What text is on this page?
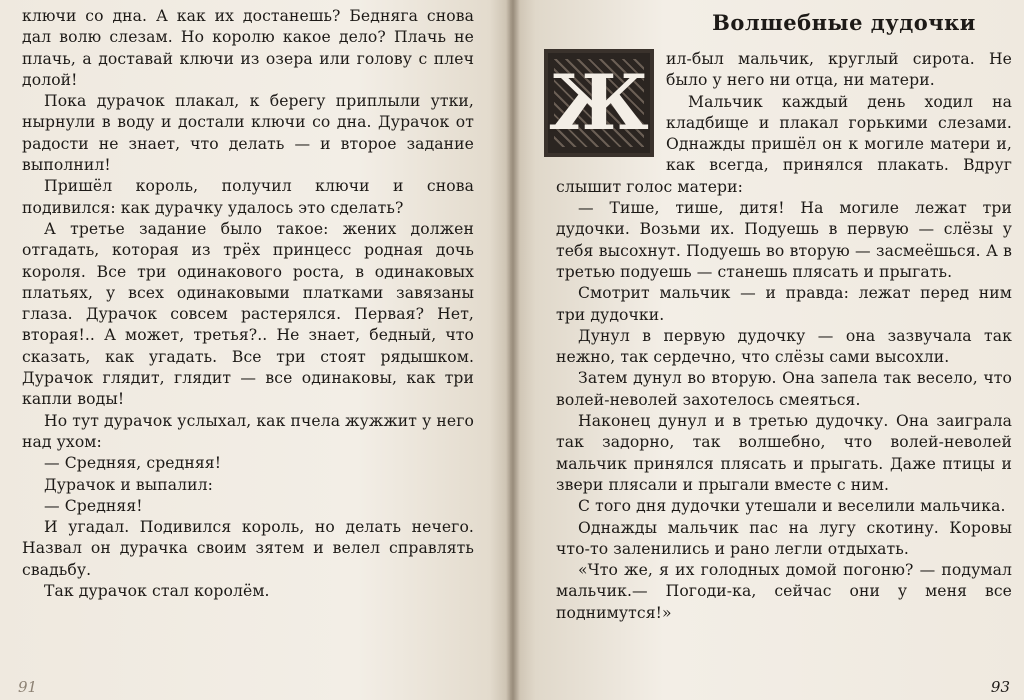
ключи со дна. А как их достанешь? Бедняга снова дал волю слезам. Но королю какое дело? Плачь не плачь, а доставай ключи из озера или голову с плеч долой!

Пока дурачок плакал, к берегу приплыли утки, нырнули в воду и достали ключи со дна. Дурачок от радости не знает, что делать — и второе задание выполнил!

Пришёл король, получил ключи и снова подивился: как дурачку удалось это сделать?

А третье задание было такое: жених должен отгадать, которая из трёх принцесс родная дочь короля. Все три одинакового роста, в одинаковых платьях, у всех одинаковыми платками завязаны глаза. Дурачок совсем растерялся. Первая? Нет, вторая!.. А может, третья?.. Не знает, бедный, что сказать, как угадать. Все три стоят рядышком. Дурачок глядит, глядит — все одинаковы, как три капли воды!

Но тут дурачок услыхал, как пчела жужжит у него над ухом:

— Средняя, средняя!

Дурачок и выпалил:

— Средняя!

И угадал. Подивился король, но делать нечего. Назвал он дурачка своим зятем и велел справлять свадьбу.

Так дурачок стал королём.

91
Волшебные дудочки
Ж	ил-был мальчик, круглый сирота. Не было у него ни отца, ни матери.

Мальчик каждый день ходил на кладбище и плакал горькими слезами. Однажды пришёл он к могиле матери и, как всегда, принялся плакать. Вдруг слышит голос матери:

— Тише, тише, дитя! На могиле лежат три дудочки. Возьми их. Подуешь в первую — слёзы у тебя высохнут. Подуешь во вторую — засмеёшься. А в третью подуешь — станешь плясать и прыгать.

Смотрит мальчик — и правда: лежат перед ним три дудочки.

Дунул в первую дудочку — она зазвучала так нежно, так сердечно, что слёзы сами высохли.

Затем дунул во вторую. Она запела так весело, что волей-неволей захотелось смеяться.

Наконец дунул и в третью дудочку. Она заиграла так задорно, так волшебно, что волей-неволей мальчик принялся плясать и прыгать. Даже птицы и звери плясали и прыгали вместе с ним.

С того дня дудочки утешали и веселили мальчика.

Однажды мальчик пас на лугу скотину. Коровы что-то заленились и рано легли отдыхать.

«Что же, я их голодных домой погоню? — подумал мальчик.— Погоди-ка, сейчас они у меня все поднимутся!»

93
